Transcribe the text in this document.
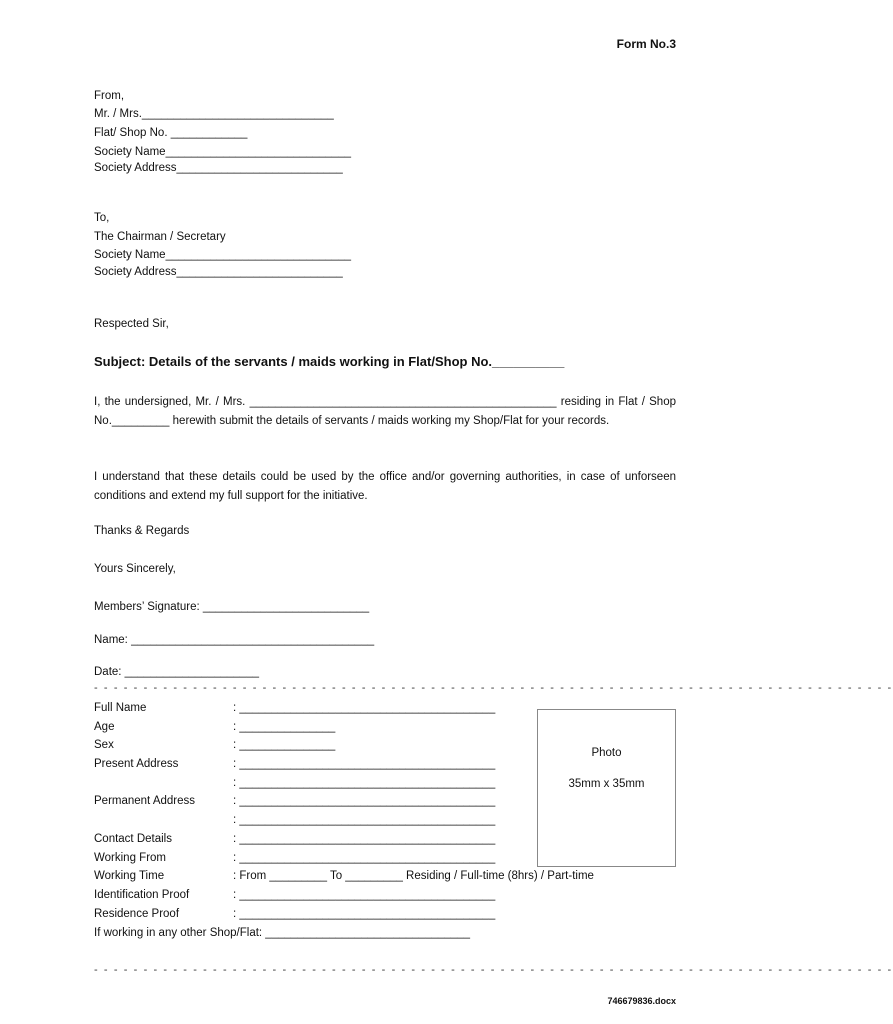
Form No.3
From,
Mr. / Mrs.______________________________
Flat/ Shop No. ____________
Society Name_____________________________
Society Address__________________________
To,
The Chairman / Secretary
Society Name_____________________________
Society Address__________________________
Respected Sir,
Subject: Details of the servants / maids working in Flat/Shop No.__________
I, the undersigned, Mr. / Mrs. ________________________________________________ residing in Flat / Shop No._________ herewith submit the details of servants / maids working my Shop/Flat for your records.
I understand that these details could be used by the office and/or governing authorities, in case of unforseen conditions and extend my full support for the initiative.
Thanks & Regards
Yours Sincerely,
Members’ Signature: __________________________
Name: ______________________________________
Date: _____________________
- - - - - - - - - - - - - - - - - - - - - - - - - - - - - - - - - - - - - - - - - - - - - - - - - - - - - - - - - - - - - - - - - - - - - - - - - - - - - - - - -
Full Name	: ________________________________________
Age	: _______________
Sex	: _______________
Present Address	: ________________________________________
: ________________________________________
Permanent Address	: ________________________________________
: ________________________________________
Contact Details	: ________________________________________
Working From	: ________________________________________
Working Time	: From _________ To _________ Residing / Full-time (8hrs) / Part-time
Identification Proof	: ________________________________________
Residence Proof	: ________________________________________
If working in any other Shop/Flat: ________________________________
Photo
35mm x 35mm
- - - - - - - - - - - - - - - - - - - - - - - - - - - - - - - - - - - - - - - - - - - - - - - - - - - - - - - - - - - - - - - - - - - - - - - - - - - - - - - - -
746679836.docx
